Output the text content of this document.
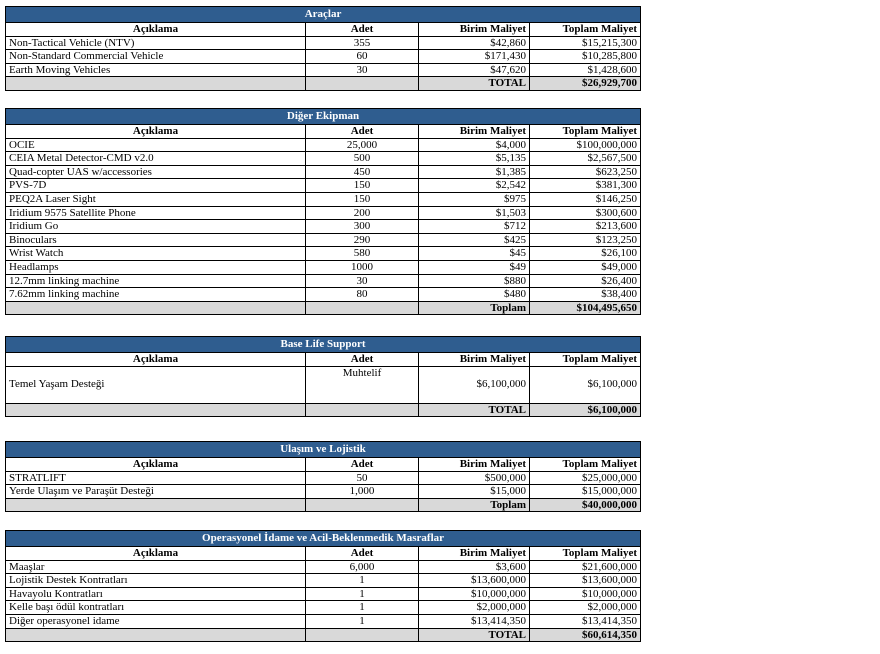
Araçlar			
Açıklama	Adet	Birim Maliyet	Toplam Maliyet
Non-Tactical Vehicle (NTV)	355	$42,860	$15,215,300
Non-Standard Commercial Vehicle	60	$171,430	$10,285,800
Earth Moving Vehicles	30	$47,620	$1,428,600
		TOTAL	$26,929,700
Diğer Ekipman			
Açıklama	Adet	Birim Maliyet	Toplam Maliyet
OCIE	25,000	$4,000	$100,000,000
CEIA Metal Detector-CMD v2.0	500	$5,135	$2,567,500
Quad-copter UAS w/accessories	450	$1,385	$623,250
PVS-7D	150	$2,542	$381,300
PEQ2A Laser Sight	150	$975	$146,250
Iridium 9575 Satellite Phone	200	$1,503	$300,600
Iridium Go	300	$712	$213,600
Binoculars	290	$425	$123,250
Wrist Watch	580	$45	$26,100
Headlamps	1000	$49	$49,000
12.7mm linking machine	30	$880	$26,400
7.62mm linking machine	80	$480	$38,400
		Toplam	$104,495,650
Base Life Support			
Açıklama	Adet	Birim Maliyet	Toplam Maliyet
Temel Yaşam Desteği	Muhtelif	$6,100,000	$6,100,000
		TOTAL	$6,100,000
Ulaşım ve Lojistik			
Açıklama	Adet	Birim Maliyet	Toplam Maliyet
STRATLIFT	50	$500,000	$25,000,000
Yerde Ulaşım ve Paraşüt Desteği	1,000	$15,000	$15,000,000
		Toplam	$40,000,000
Operasyonel İdame ve Acil-Beklenmedik Masraflar			
Açıklama	Adet	Birim Maliyet	Toplam Maliyet
Maaşlar	6,000	$3,600	$21,600,000
Lojistik Destek Kontratları	1	$13,600,000	$13,600,000
Havayolu Kontratları	1	$10,000,000	$10,000,000
Kelle başı ödül kontratları	1	$2,000,000	$2,000,000
Diğer operasyonel idame	1	$13,414,350	$13,414,350
		TOTAL	$60,614,350
